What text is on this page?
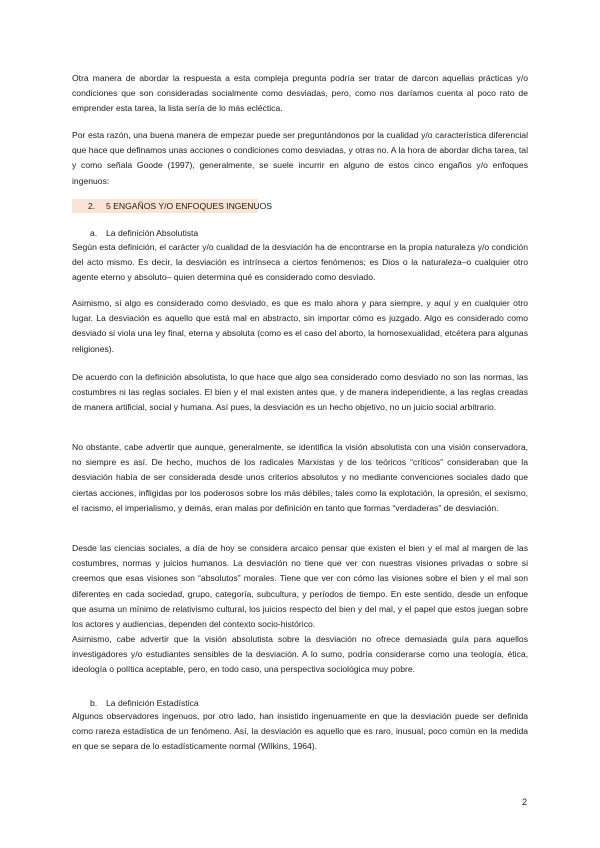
Otra manera de abordar la respuesta a esta compleja pregunta podría ser tratar de darcon aquellas prácticas y/o condiciones que son consideradas socialmente como desviadas, pero, como nos daríamos cuenta al poco rato de emprender esta tarea, la lista sería de lo más ecléctica.

Por esta razón, una buena manera de empezar puede ser preguntándonos por la cualidad y/o característica diferencial que hace que definamos unas acciones o condiciones como desviadas, y otras no. A la hora de abordar dicha tarea, tal y como señala Goode (1997), generalmente, se suele incurrir en alguno de estos cinco engaños y/o enfoques ingenuos:

2. 5 ENGAÑOS Y/O ENFOQUES INGENUOS
a. La definición Absolutista

Según esta definición, el carácter y/o cualidad de la desviación ha de encontrarse en la propia naturaleza y/o condición del acto mismo. Es decir, la desviación es intrínseca a ciertos fenómenos; es Dios o la naturaleza–o cualquier otro agente eterno y absoluto– quien determina qué es considerado como desviado.

Asimismo, si algo es considerado como desviado, es que es malo ahora y para siempre, y aquí y en cualquier otro lugar. La desviación es aquello que está mal en abstracto, sin importar cómo es juzgado. Algo es considerado como desviado si viola una ley final, eterna y absoluta (como es el caso del aborto, la homosexualidad, etcétera para algunas religiones).

De acuerdo con la definición absolutista, lo que hace que algo sea considerado como desviado no son las normas, las costumbres ni las reglas sociales. El bien y el mal existen antes que, y de manera independiente, a las reglas creadas de manera artificial, social y humana. Así pues, la desviación es un hecho objetivo, no un juicio social arbitrario.

No obstante, cabe advertir que aunque, generalmente, se identifica la visión absolutista con una visión conservadora, no siempre es así. De hecho, muchos de los radicales Marxistas y de los teóricos “críticos” consideraban que la desviación había de ser considerada desde unos criterios absolutos y no mediante convenciones sociales dado que ciertas acciones, infligidas por los poderosos sobre los más débiles, tales como la explotación, la opresión, el sexismo, el racismo, el imperialismo, y demás, eran malas por definición en tanto que formas “verdaderas” de desviación.

Desde las ciencias sociales, a día de hoy se considera arcaico pensar que existen el bien y el mal al margen de las costumbres, normas y juicios humanos. La desviación no tiene que ver con nuestras visiones privadas o sobre si creemos que esas visiones son “absolutos” morales. Tiene que ver con cómo las visiones sobre el bien y el mal son diferentes en cada sociedad, grupo, categoría, subcultura, y períodos de tiempo. En este sentido, desde un enfoque que asuma un mínimo de relativismo cultural, los juicios respecto del bien y del mal, y el papel que estos juegan sobre los actores y audiencias, dependen del contexto socio-histórico.

Asimismo, cabe advertir que la visión absolutista sobre la desviación no ofrece demasiada guía para aquellos investigadores y/o estudiantes sensibles de la desviación. A lo sumo, podría considerarse como una teología, ética, ideología o política aceptable, pero, en todo caso, una perspectiva sociológica muy pobre.

b. La definición Estadística

Algunos observadores ingenuos, por otro lado, han insistido ingenuamente en que la desviación puede ser definida como rareza estadística de un fenómeno. Así, la desviación es aquello que es raro, inusual, poco común en la medida en que se separa de lo estadísticamente normal (Wilkins, 1964).

2
